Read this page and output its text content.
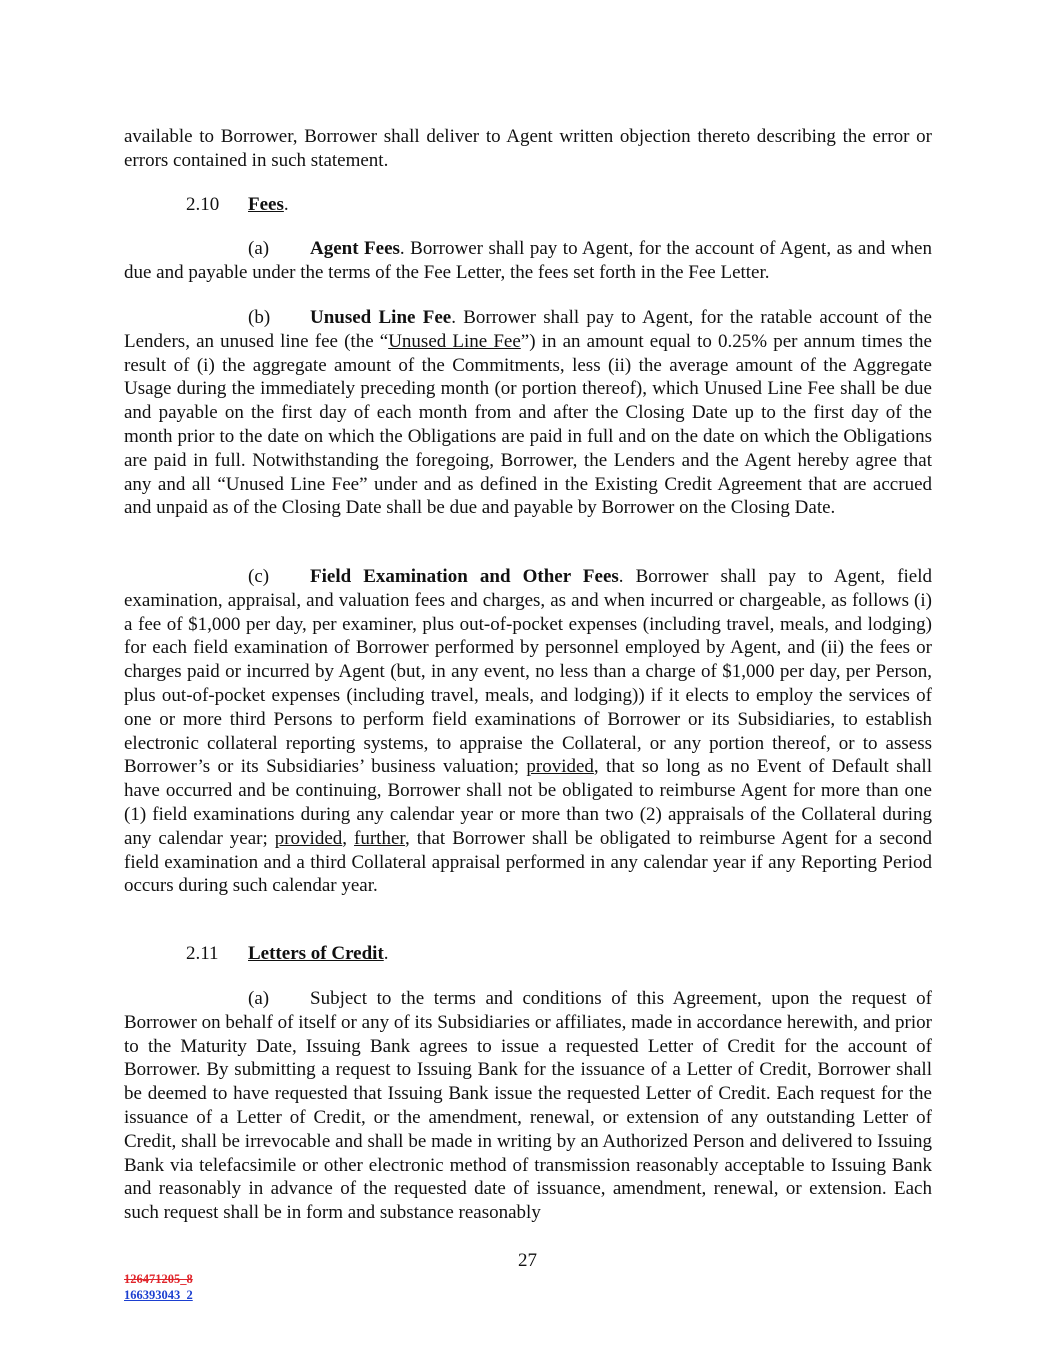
available to Borrower, Borrower shall deliver to Agent written objection thereto describing the error or errors contained in such statement.

2.10 Fees.

(a) Agent Fees. Borrower shall pay to Agent, for the account of Agent, as and when due and payable under the terms of the Fee Letter, the fees set forth in the Fee Letter.

(b) Unused Line Fee. Borrower shall pay to Agent, for the ratable account of the Lenders, an unused line fee (the “Unused Line Fee”) in an amount equal to 0.25% per annum times the result of (i) the aggregate amount of the Commitments, less (ii) the average amount of the Aggregate Usage during the immediately preceding month (or portion thereof), which Unused Line Fee shall be due and payable on the first day of each month from and after the Closing Date up to the first day of the month prior to the date on which the Obligations are paid in full and on the date on which the Obligations are paid in full. Notwithstanding the foregoing, Borrower, the Lenders and the Agent hereby agree that any and all “Unused Line Fee” under and as defined in the Existing Credit Agreement that are accrued and unpaid as of the Closing Date shall be due and payable by Borrower on the Closing Date.

(c) Field Examination and Other Fees. Borrower shall pay to Agent, field examination, appraisal, and valuation fees and charges, as and when incurred or chargeable, as follows (i) a fee of $1,000 per day, per examiner, plus out-of-pocket expenses (including travel, meals, and lodging) for each field examination of Borrower performed by personnel employed by Agent, and (ii) the fees or charges paid or incurred by Agent (but, in any event, no less than a charge of $1,000 per day, per Person, plus out-of-pocket expenses (including travel, meals, and lodging)) if it elects to employ the services of one or more third Persons to perform field examinations of Borrower or its Subsidiaries, to establish electronic collateral reporting systems, to appraise the Collateral, or any portion thereof, or to assess Borrower’s or its Subsidiaries’ business valuation; provided, that so long as no Event of Default shall have occurred and be continuing, Borrower shall not be obligated to reimburse Agent for more than one (1) field examinations during any calendar year or more than two (2) appraisals of the Collateral during any calendar year; provided, further, that Borrower shall be obligated to reimburse Agent for a second field examination and a third Collateral appraisal performed in any calendar year if any Reporting Period occurs during such calendar year.

2.11 Letters of Credit.

(a) Subject to the terms and conditions of this Agreement, upon the request of Borrower on behalf of itself or any of its Subsidiaries or affiliates, made in accordance herewith, and prior to the Maturity Date, Issuing Bank agrees to issue a requested Letter of Credit for the account of Borrower. By submitting a request to Issuing Bank for the issuance of a Letter of Credit, Borrower shall be deemed to have requested that Issuing Bank issue the requested Letter of Credit. Each request for the issuance of a Letter of Credit, or the amendment, renewal, or extension of any outstanding Letter of Credit, shall be irrevocable and shall be made in writing by an Authorized Person and delivered to Issuing Bank via telefacsimile or other electronic method of transmission reasonably acceptable to Issuing Bank and reasonably in advance of the requested date of issuance, amendment, renewal, or extension. Each such request shall be in form and substance reasonably

27
126471205_8
166393043_2
